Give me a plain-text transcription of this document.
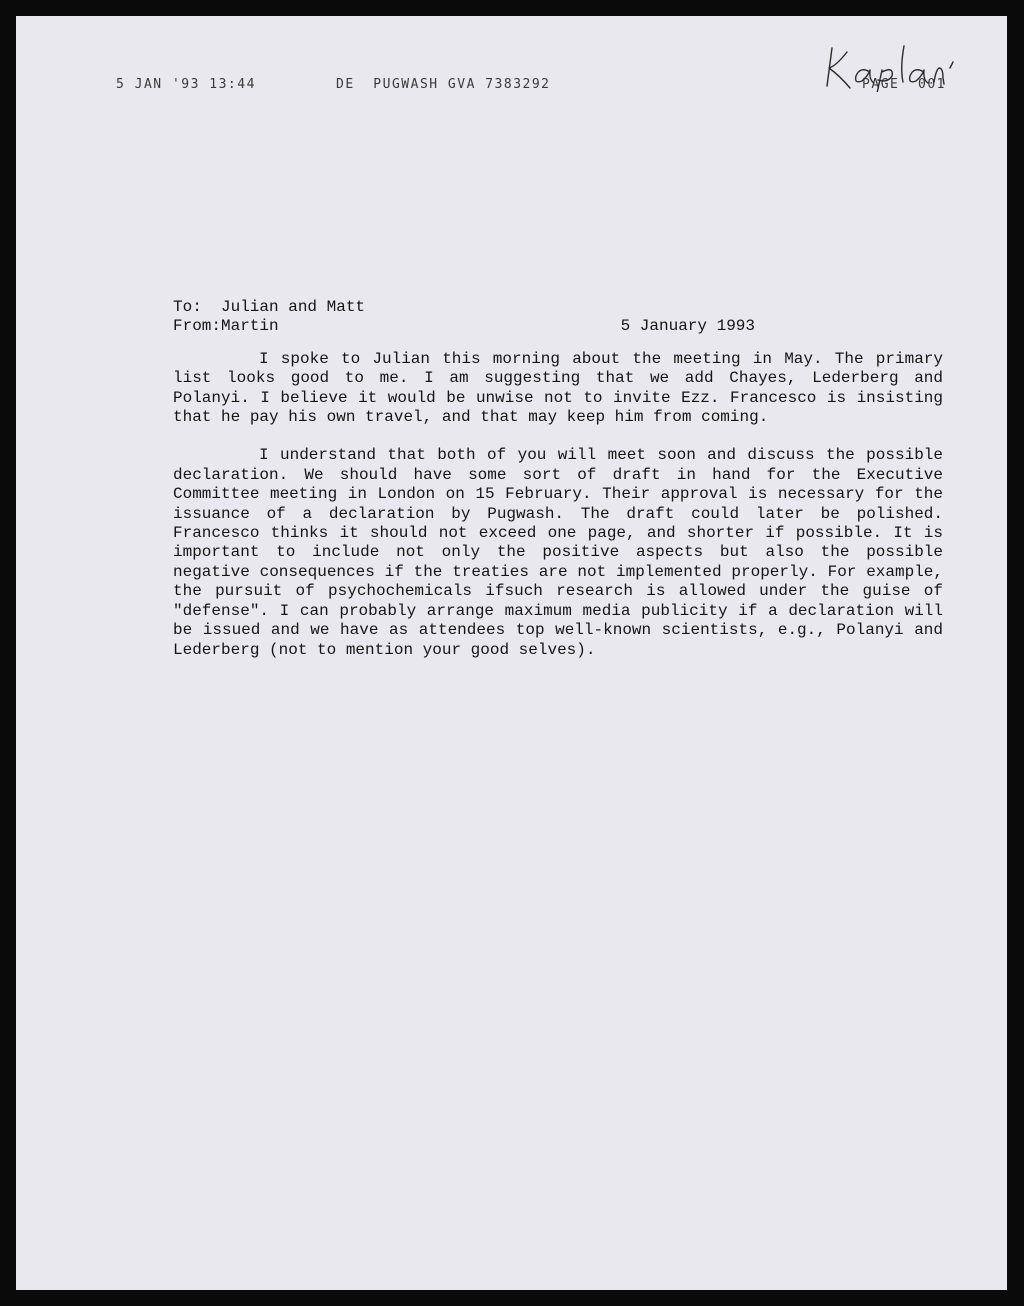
5 JAN '93 13:44	DE  PUGWASH GVA 7383292	PAGE  001
To:	Julian and Matt
From: Martin	5 January 1993

I spoke to Julian this morning about the meeting in May. The primary list looks good to me. I am suggesting that we add Chayes, Lederberg and Polanyi. I believe it would be unwise not to invite Ezz. Francesco is insisting that he pay his own travel, and that may keep him from coming.

I understand that both of you will meet soon and discuss the possible declaration. We should have some sort of draft in hand for the Executive Committee meeting in London on 15 February. Their approval is necessary for the issuance of a declaration by Pugwash. The draft could later be polished. Francesco thinks it should not exceed one page, and shorter if possible. It is important to include not only the positive aspects but also the possible negative consequences if the treaties are not implemented properly. For example, the pursuit of psychochemicals ifsuch research is allowed under the guise of "defense". I can probably arrange maximum media publicity if a declaration will be issued and we have as attendees top well-known scientists, e.g., Polanyi and Lederberg (not to mention your good selves).
